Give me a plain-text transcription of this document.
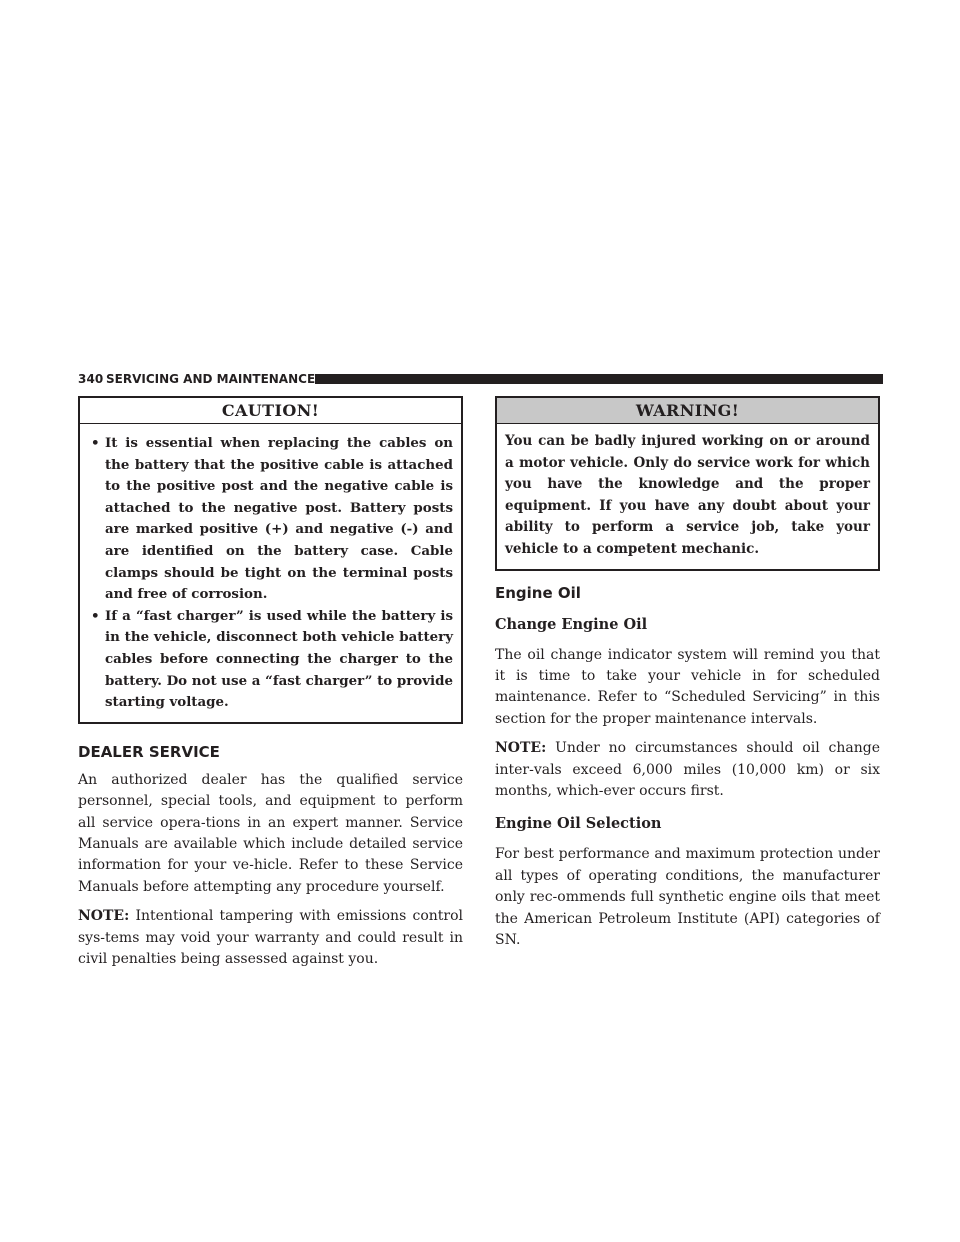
340 SERVICING AND MAINTENANCE
CAUTION!
• It is essential when replacing the cables on the battery that the positive cable is attached to the positive post and the negative cable is attached to the negative post. Battery posts are marked positive (+) and negative (-) and are identified on the battery case. Cable clamps should be tight on the terminal posts and free of corrosion.
• If a “fast charger” is used while the battery is in the vehicle, disconnect both vehicle battery cables before connecting the charger to the battery. Do not use a “fast charger” to provide starting voltage.
DEALER SERVICE

An authorized dealer has the qualified service personnel, special tools, and equipment to perform all service opera-tions in an expert manner. Service Manuals are available which include detailed service information for your ve-hicle. Refer to these Service Manuals before attempting any procedure yourself.

NOTE: Intentional tampering with emissions control sys-tems may void your warranty and could result in civil penalties being assessed against you.

WARNING!
You can be badly injured working on or around a motor vehicle. Only do service work for which you have the knowledge and the proper equipment. If you have any doubt about your ability to perform a service job, take your vehicle to a competent mechanic.
Engine Oil
Change Engine Oil

The oil change indicator system will remind you that it is time to take your vehicle in for scheduled maintenance. Refer to “Scheduled Servicing” in this section for the proper maintenance intervals.

NOTE: Under no circumstances should oil change inter-vals exceed 6,000 miles (10,000 km) or six months, which-ever occurs first.

Engine Oil Selection

For best performance and maximum protection under all types of operating conditions, the manufacturer only rec-ommends full synthetic engine oils that meet the American Petroleum Institute (API) categories of SN.
